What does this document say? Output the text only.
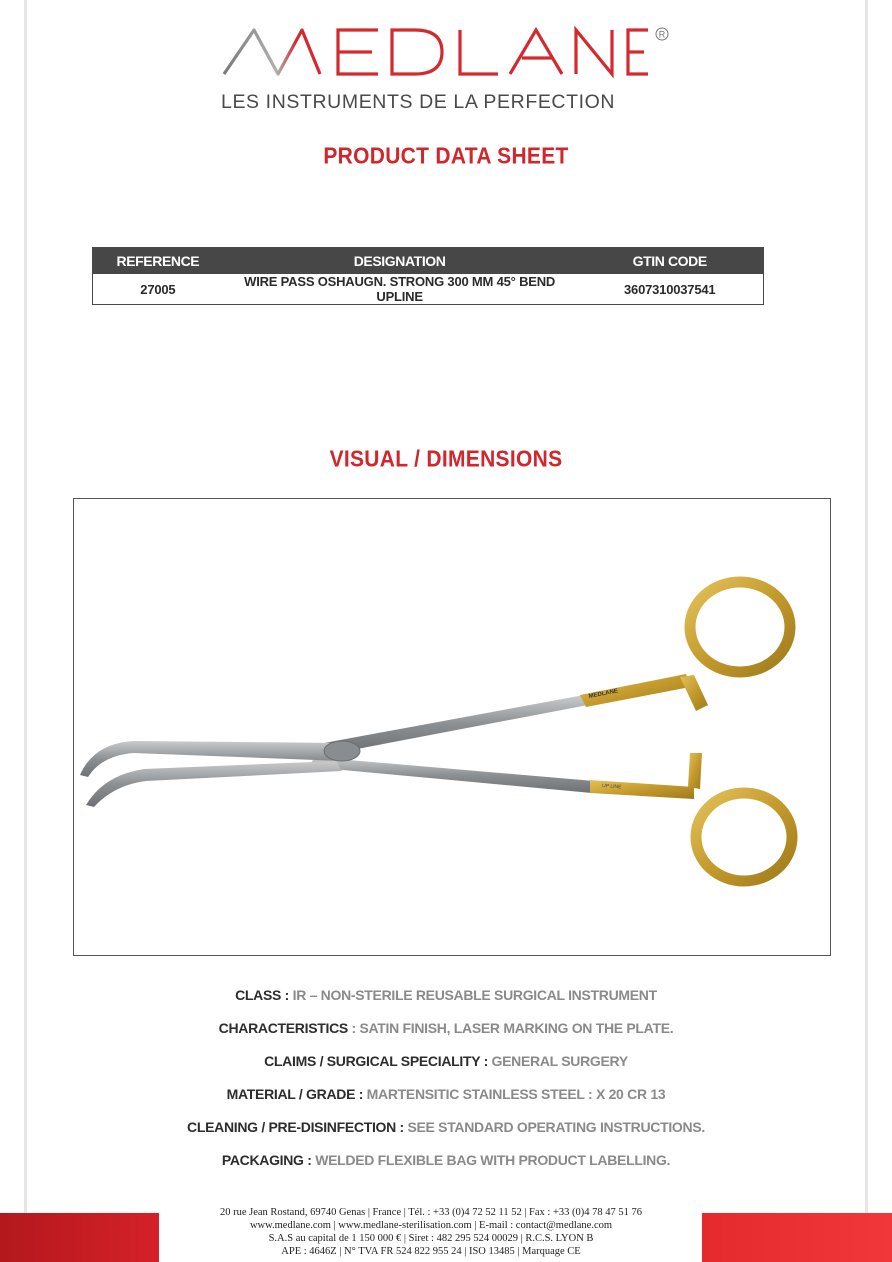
R
LES INSTRUMENTS DE LA PERFECTION
PRODUCT DATA SHEET
REFERENCE	DESIGNATION	GTIN CODE
27005	WIRE PASS OSHAUGN. STRONG 300 MM 45° BEND UPLINE	3607310037541
VISUAL / DIMENSIONS
MEDLANE
UP LINE
CLASS : IR – NON-STERILE REUSABLE SURGICAL INSTRUMENT
CHARACTERISTICS : SATIN FINISH, LASER MARKING ON THE PLATE.
CLAIMS / SURGICAL SPECIALITY : GENERAL SURGERY
MATERIAL / GRADE : MARTENSITIC STAINLESS STEEL : X 20 CR 13
CLEANING / PRE-DISINFECTION : SEE STANDARD OPERATING INSTRUCTIONS.
PACKAGING : WELDED FLEXIBLE BAG WITH PRODUCT LABELLING.
20 rue Jean Rostand, 69740 Genas | France | Tél. : +33 (0)4 72 52 11 52 | Fax : +33 (0)4 78 47 51 76
www.medlane.com | www.medlane-sterilisation.com | E-mail : contact@medlane.com
S.A.S au capital de 1 150 000 € | Siret : 482 295 524 00029 | R.C.S. LYON B
APE : 4646Z | N° TVA FR 524 822 955 24 | ISO 13485 | Marquage CE
